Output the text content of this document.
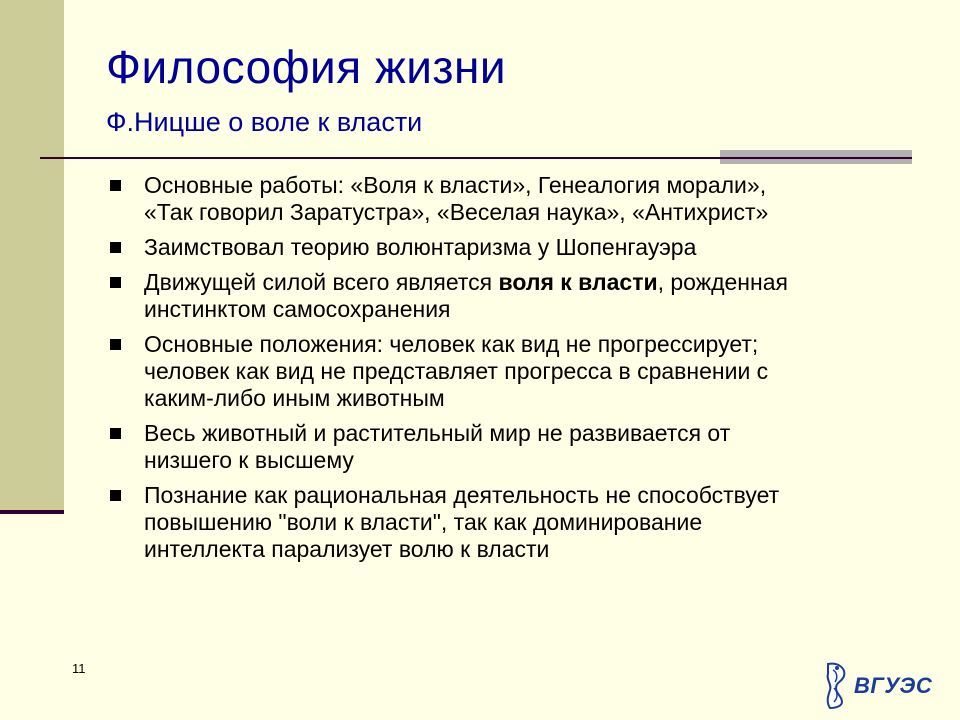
Философия жизни
Ф.Ницше о воле к власти
Основные работы: «Воля к власти», Генеалогия морали»,
«Так говорил Заратустра», «Веселая наука», «Антихрист»
Заимствовал теорию волюнтаризма у Шопенгауэра
Движущей силой всего является воля к власти, рожденная
инстинктом самосохранения
Основные положения: человек как вид не прогрессирует;
человек как вид не представляет прогресса в сравнении с
каким-либо иным животным
Весь животный и растительный мир не развивается от
низшего к высшему
Познание как рациональная деятельность не способствует
повышению "воли к власти", так как доминирование
интеллекта парализует волю к власти
11
ВГУЭС
